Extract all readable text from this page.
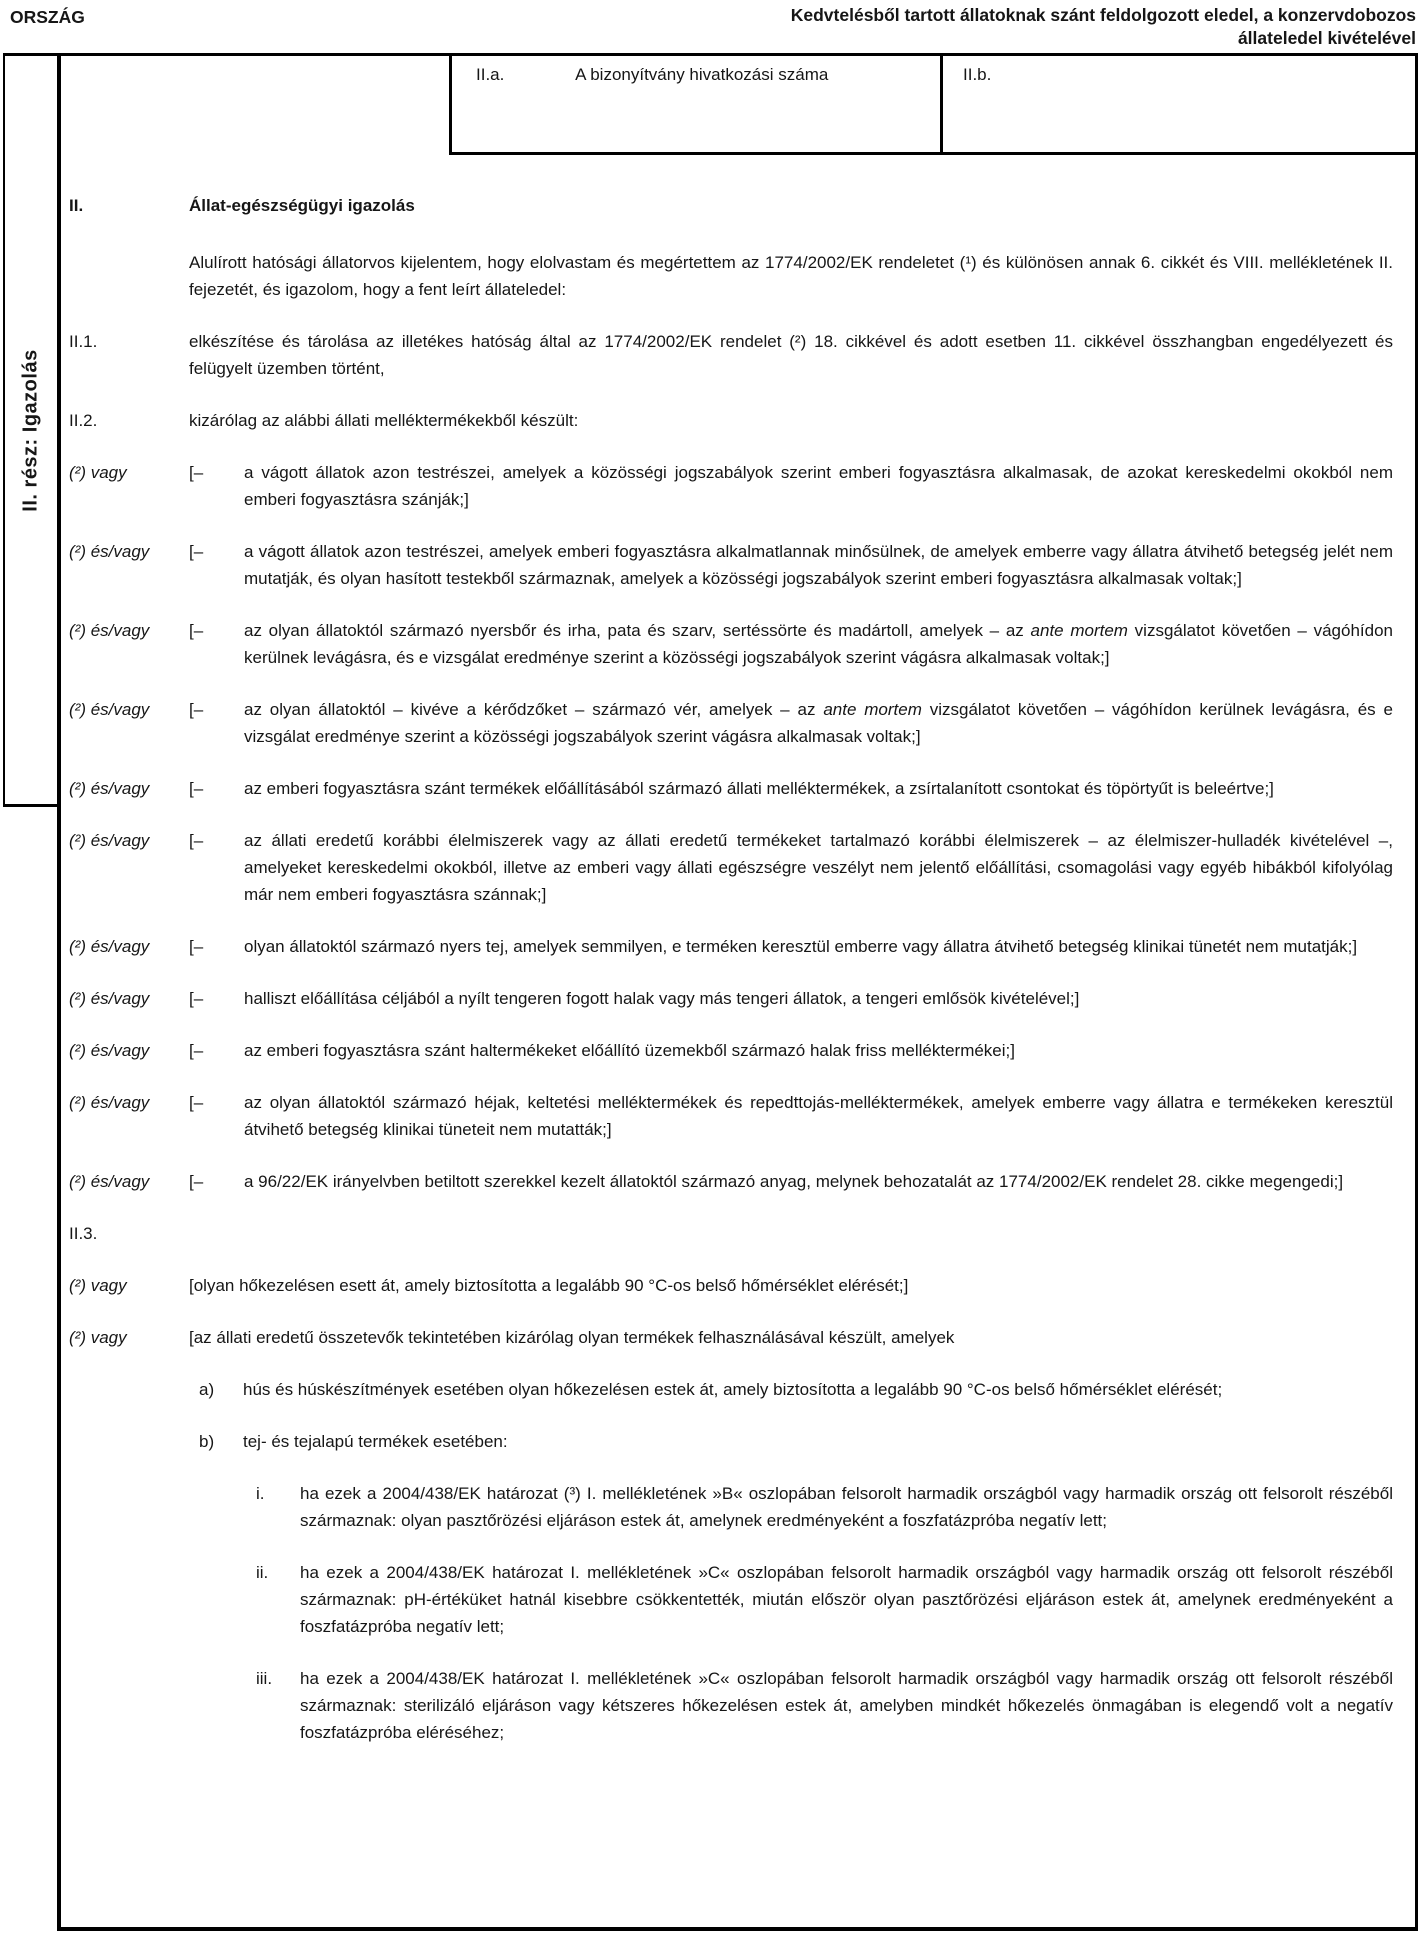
ORSZÁG	Kedvtelésből tartott állatoknak szánt feldolgozott eledel, a konzervdobozos állateledel kivételével
II. rész: Igazolás
II.a.	A bizonyítvány hivatkozási száma	II.b.
II.	Állat-egészségügyi igazolás
Alulírott hatósági állatorvos kijelentem, hogy elolvastam és megértettem az 1774/2002/EK rendeletet (¹) és különösen annak 6. cikkét és VIII. mellékletének II. fejezetét, és igazolom, hogy a fent leírt állateledel:
II.1.	elkészítése és tárolása az illetékes hatóság által az 1774/2002/EK rendelet (²) 18. cikkével és adott esetben 11. cikkével összhangban engedélyezett és felügyelt üzemben történt,
II.2.	kizárólag az alábbi állati melléktermékekből készült:
(²) vagy	[–	a vágott állatok azon testrészei, amelyek a közösségi jogszabályok szerint emberi fogyasztásra alkalmasak, de azokat kereskedelmi okokból nem emberi fogyasztásra szánják;]
(²) és/vagy	[–	a vágott állatok azon testrészei, amelyek emberi fogyasztásra alkalmatlannak minősülnek, de amelyek emberre vagy állatra átvihető betegség jelét nem mutatják, és olyan hasított testekből származnak, amelyek a közösségi jogszabályok szerint emberi fogyasztásra alkalmasak voltak;]
(²) és/vagy	[–	az olyan állatoktól származó nyersbőr és irha, pata és szarv, sertéssörte és madártoll, amelyek – az ante mortem vizsgálatot követően – vágóhídon kerülnek levágásra, és e vizsgálat eredménye szerint a közösségi jogszabályok szerint vágásra alkalmasak voltak;]
(²) és/vagy	[–	az olyan állatoktól – kivéve a kérődzőket – származó vér, amelyek – az ante mortem vizsgálatot követően – vágóhídon kerülnek levágásra, és e vizsgálat eredménye szerint a közösségi jogszabályok szerint vágásra alkalmasak voltak;]
(²) és/vagy	[–	az emberi fogyasztásra szánt termékek előállításából származó állati melléktermékek, a zsírtalanított csontokat és töpörtyűt is beleértve;]
(²) és/vagy	[–	az állati eredetű korábbi élelmiszerek vagy az állati eredetű termékeket tartalmazó korábbi élelmiszerek – az élelmiszer-hulladék kivételével –, amelyeket kereskedelmi okokból, illetve az emberi vagy állati egészségre veszélyt nem jelentő előállítási, csomagolási vagy egyéb hibákból kifolyólag már nem emberi fogyasztásra szánnak;]
(²) és/vagy	[–	olyan állatoktól származó nyers tej, amelyek semmilyen, e terméken keresztül emberre vagy állatra átvihető betegség klinikai tünetét nem mutatják;]
(²) és/vagy	[–	halliszt előállítása céljából a nyílt tengeren fogott halak vagy más tengeri állatok, a tengeri emlősök kivételével;]
(²) és/vagy	[–	az emberi fogyasztásra szánt haltermékeket előállító üzemekből származó halak friss melléktermékei;]
(²) és/vagy	[–	az olyan állatoktól származó héjak, keltetési melléktermékek és repedttojás-melléktermékek, amelyek emberre vagy állatra e termékeken keresztül átvihető betegség klinikai tüneteit nem mutatták;]
(²) és/vagy	[–	a 96/22/EK irányelvben betiltott szerekkel kezelt állatoktól származó anyag, melynek behozatalát az 1774/2002/EK rendelet 28. cikke megengedi;]
II.3.
(²) vagy	[olyan hőkezelésen esett át, amely biztosította a legalább 90 °C-os belső hőmérséklet elérését;]
(²) vagy	[az állati eredetű összetevők tekintetében kizárólag olyan termékek felhasználásával készült, amelyek
a)	hús és húskészítmények esetében olyan hőkezelésen estek át, amely biztosította a legalább 90 °C-os belső hőmérséklet elérését;
b)	tej- és tejalapú termékek esetében:
i.	ha ezek a 2004/438/EK határozat (³) I. mellékletének »B« oszlopában felsorolt harmadik országból vagy harmadik ország ott felsorolt részéből származnak: olyan pasztőrözési eljáráson estek át, amelynek eredményeként a foszfatázpróba negatív lett;
ii.	ha ezek a 2004/438/EK határozat I. mellékletének »C« oszlopában felsorolt harmadik országból vagy harmadik ország ott felsorolt részéből származnak: pH-értéküket hatnál kisebbre csökkentették, miután először olyan pasztőrözési eljáráson estek át, amelynek eredményeként a foszfatázpróba negatív lett;
iii.	ha ezek a 2004/438/EK határozat I. mellékletének »C« oszlopában felsorolt harmadik országból vagy harmadik ország ott felsorolt részéből származnak: sterilizáló eljáráson vagy kétszeres hőkezelésen estek át, amelyben mindkét hőkezelés önmagában is elegendő volt a negatív foszfatázpróba eléréséhez;
